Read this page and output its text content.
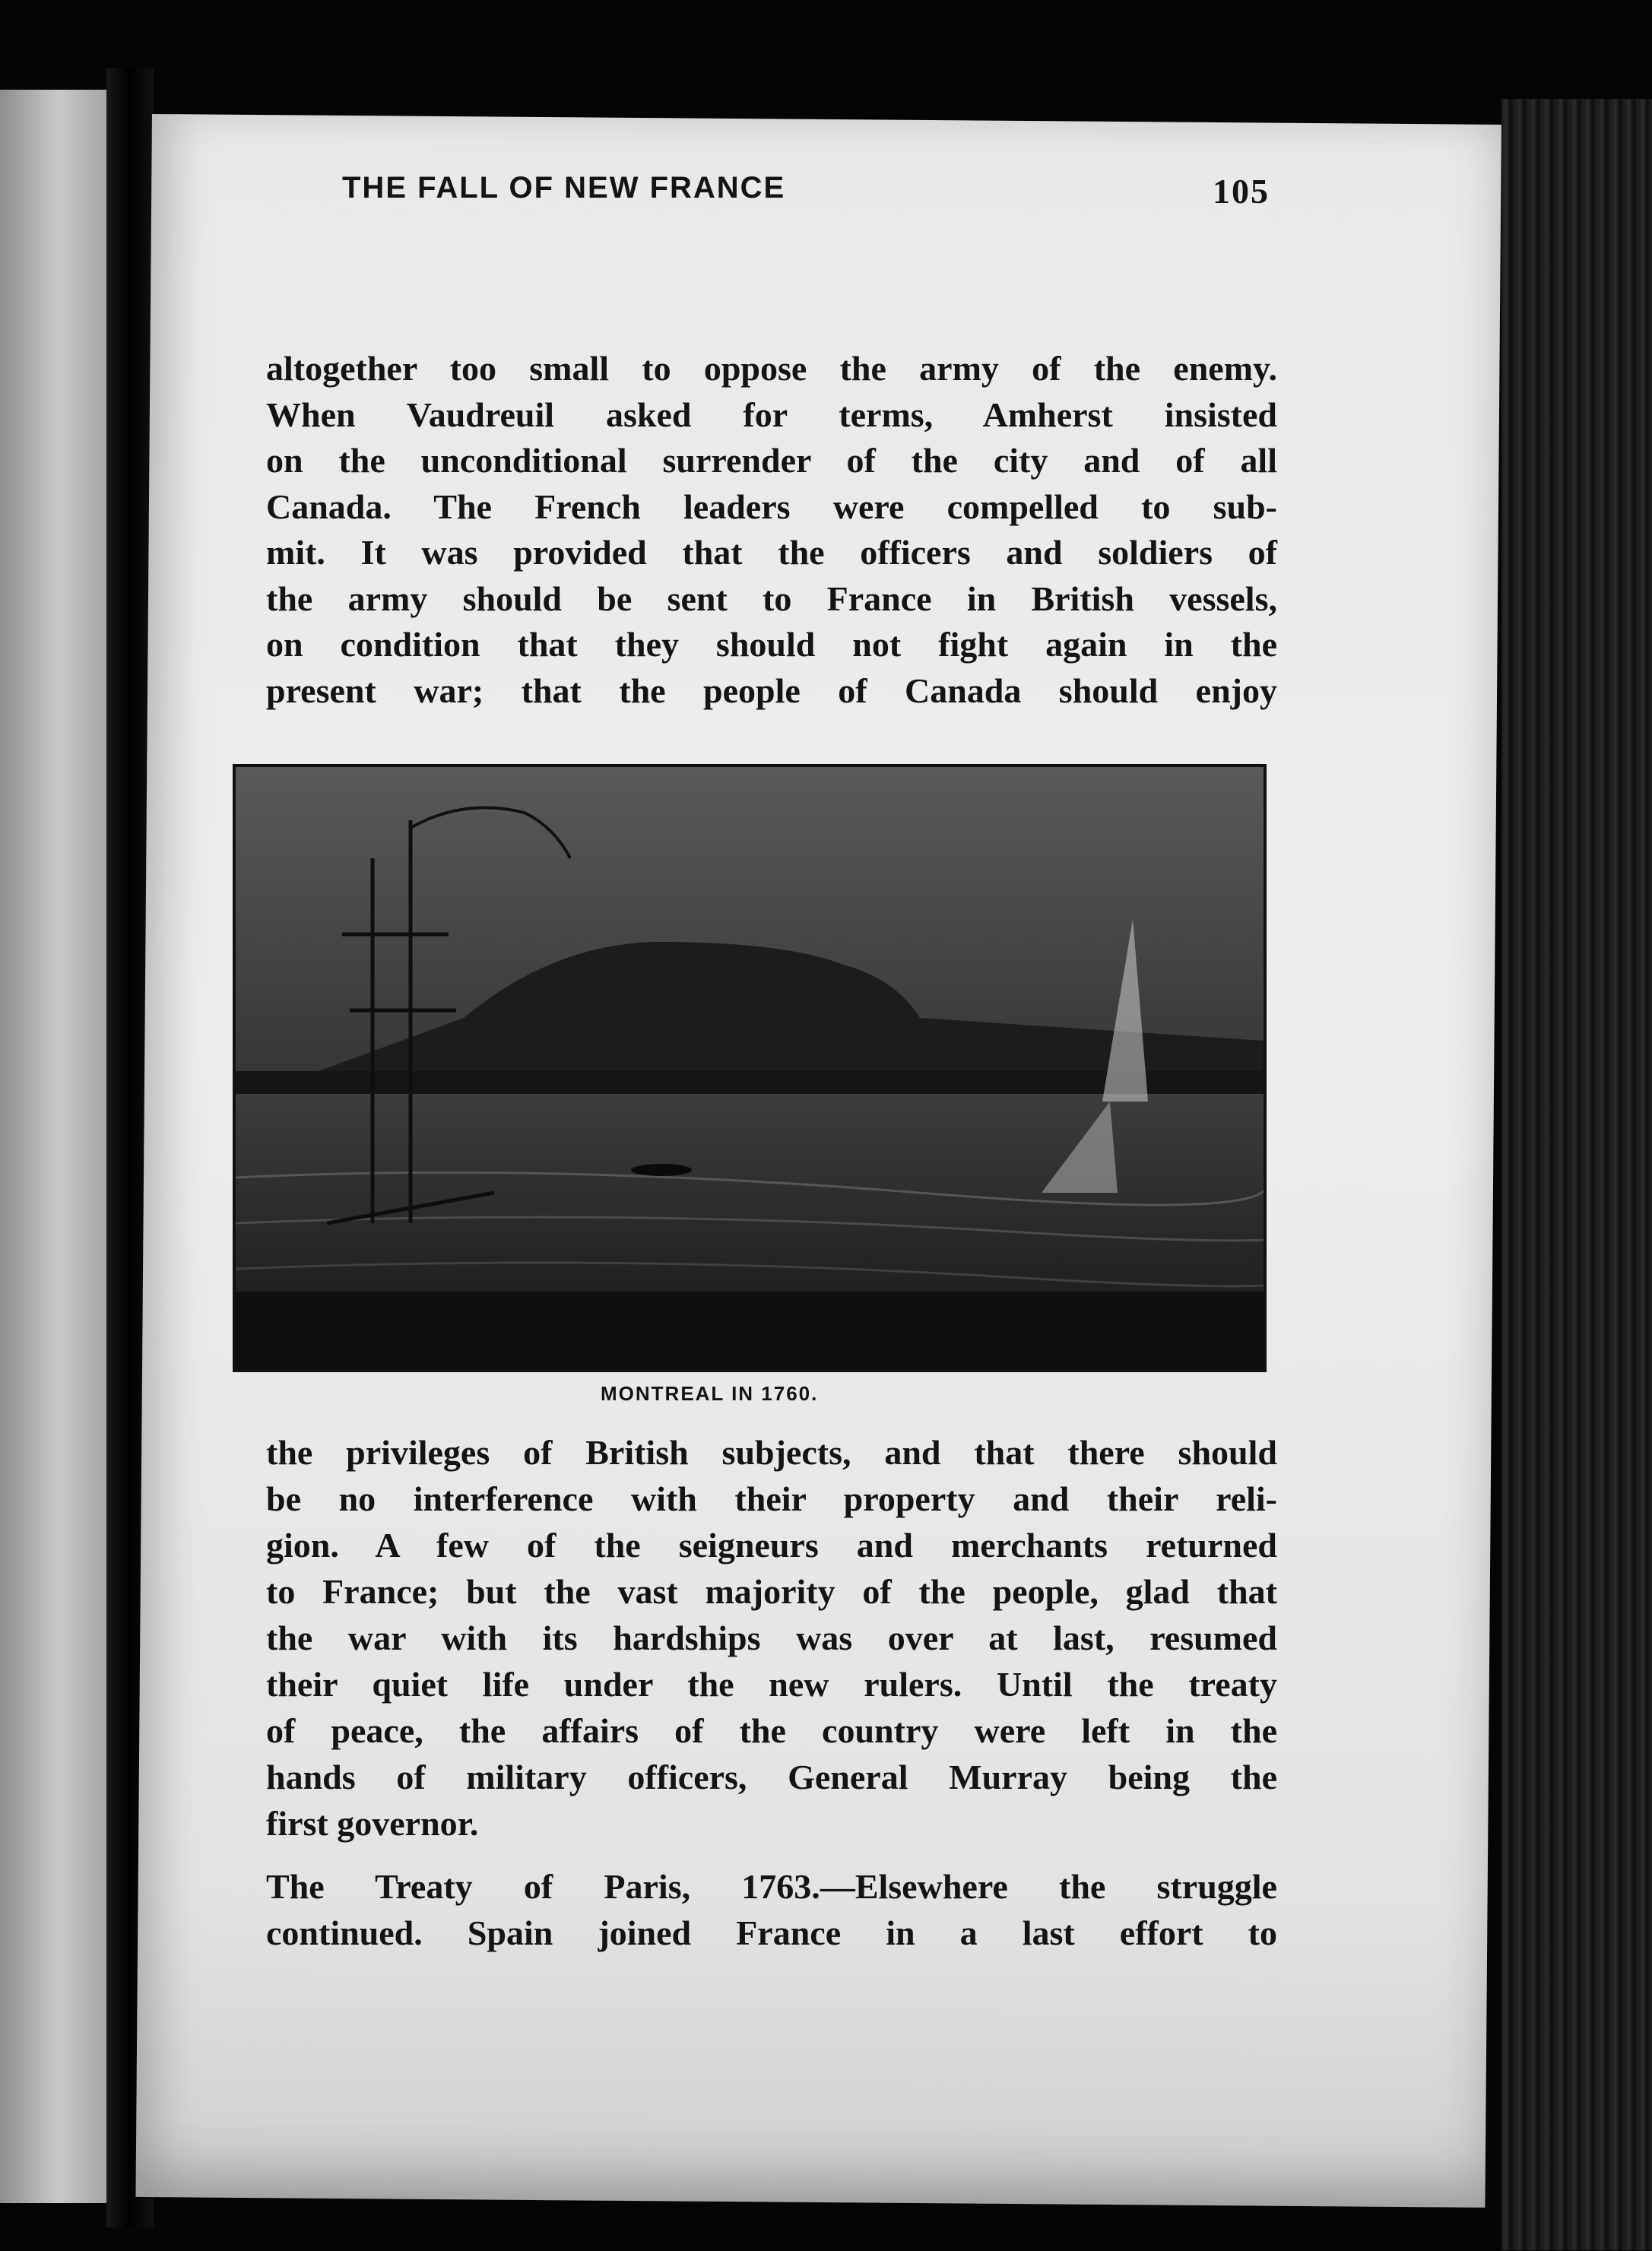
THE FALL OF NEW FRANCE	105
altogether too small to oppose the army of the enemy.
When Vaudreuil asked for terms, Amherst insisted
on the unconditional surrender of the city and of all
Canada. The French leaders were compelled to sub-
mit. It was provided that the officers and soldiers of
the army should be sent to France in British vessels,
on condition that they should not fight again in the
present war; that the people of Canada should enjoy
MONTREAL IN 1760.
the privileges of British subjects, and that there should
be no interference with their property and their reli-
gion. A few of the seigneurs and merchants returned
to France; but the vast majority of the people, glad that
the war with its hardships was over at last, resumed
their quiet life under the new rulers. Until the treaty
of peace, the affairs of the country were left in the
hands of military officers, General Murray being the
first governor.
The Treaty of Paris, 1763.—Elsewhere the struggle
continued. Spain joined France in a last effort to
